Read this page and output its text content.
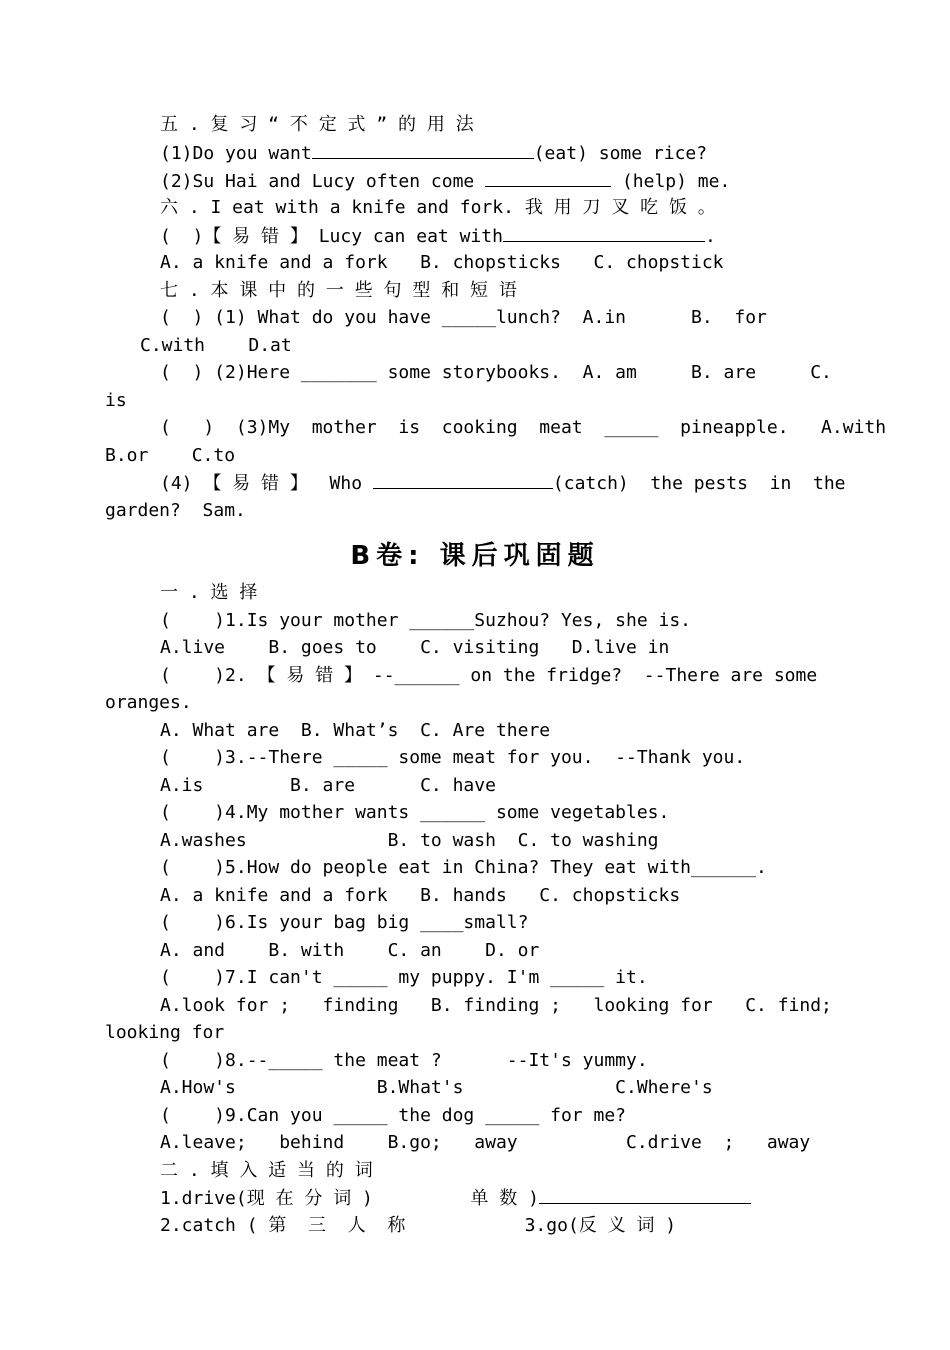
五 . 复 习 “ 不 定 式 ” 的 用 法
(1)Do you want	(eat) some rice?
(2)Su Hai and Lucy often come	(help) me.
六 . I eat with a knife and fork. 我 用 刀 叉 吃 饭 。
(  )【 易 错 】 Lucy can eat with	.
A. a knife and a fork   B. chopsticks   C. chopstick
七 . 本 课 中 的 一 些 句 型 和 短 语
(  ) (1) What do you have _____lunch?  A.in      B.  for
C.with    D.at
(  ) (2)Here _______ some storybooks.  A. am     B. are     C.
is
(   )  (3)My  mother  is  cooking  meat  _____  pineapple.   A.with
B.or    C.to
(4) 【 易 错 】  Who	(catch)  the pests  in  the
garden?  Sam.
B卷: 课后巩固题
一 . 选 择
(    )1.Is your mother ______Suzhou? Yes, she is.
A.live    B. goes to    C. visiting   D.live in
(    )2. 【 易 错 】 --______ on the fridge?  --There are some
oranges.
A. What are  B. What’s  C. Are there
(    )3.--There _____ some meat for you.  --Thank you.
A.is        B. are      C. have
(    )4.My mother wants ______ some vegetables.
A.washes             B. to wash  C. to washing
(    )5.How do people eat in China? They eat with______.
A. a knife and a fork   B. hands   C. chopsticks
(    )6.Is your bag big ____small?
A. and    B. with    C. an    D. or
(    )7.I can't _____ my puppy. I'm _____ it.
A.look for ;   finding   B. finding ;   looking for   C. find;
looking for
(    )8.--_____ the meat ?      --It's yummy.
A.How's             B.What's              C.Where's
(    )9.Can you _____ the dog _____ for me?
A.leave;   behind    B.go;   away          C.drive  ;   away
二 . 填 入 适 当 的 词
1.drive(现 在 分 词 )         单 数 )
2.catch ( 第  三  人  称           3.go(反 义 词 )
